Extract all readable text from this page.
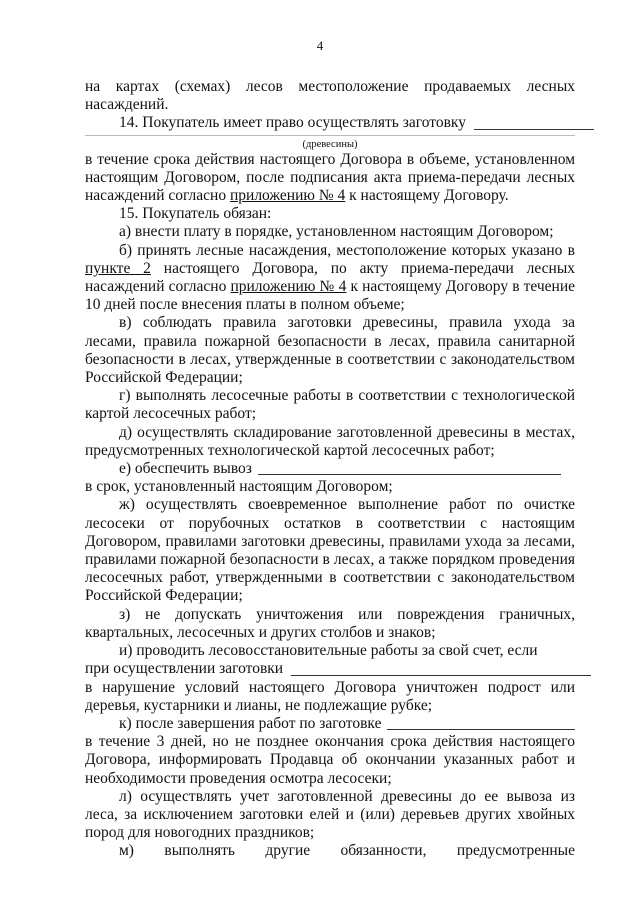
4

на картах (схемах) лесов местоположение продаваемых лесных насаждений.

14. Покупатель имеет право осуществлять заготовку
(древесины)

в течение срока действия настоящего Договора в объеме, установленном настоящим Договором, после подписания акта приема-передачи лесных насаждений согласно приложению № 4 к настоящему Договору.

15. Покупатель обязан:

а) внести плату в порядке, установленном настоящим Договором;

б) принять лесные насаждения, местоположение которых указано в пункте 2 настоящего Договора, по акту приема-передачи лесных насаждений согласно приложению № 4 к настоящему Договору в течение 10 дней после внесения платы в полном объеме;

в) соблюдать правила заготовки древесины, правила ухода за лесами, правила пожарной безопасности в лесах, правила санитарной безопасности в лесах, утвержденные в соответствии с законодательством Российской Федерации;

г) выполнять лесосечные работы в соответствии с технологической картой лесосечных работ;

д) осуществлять складирование заготовленной древесины в местах, предусмотренных технологической картой лесосечных работ;

е) обеспечить вывоз

в срок, установленный настоящим Договором;

ж) осуществлять своевременное выполнение работ по очистке лесосеки от порубочных остатков в соответствии с настоящим Договором, правилами заготовки древесины, правилами ухода за лесами, правилами пожарной безопасности в лесах, а также порядком проведения лесосечных работ, утвержденными в соответствии с законодательством Российской Федерации;

з) не допускать уничтожения или повреждения граничных, квартальных, лесосечных и других столбов и знаков;

и) проводить лесовосстановительные работы за свой счет, если

при осуществлении заготовки

в нарушение условий настоящего Договора уничтожен подрост или деревья, кустарники и лианы, не подлежащие рубке;

к) после завершения работ по заготовке

в течение 3 дней, но не позднее окончания срока действия настоящего Договора, информировать Продавца об окончании указанных работ и необходимости проведения осмотра лесосеки;

л) осуществлять учет заготовленной древесины до ее вывоза из леса, за исключением заготовки елей и (или) деревьев других хвойных пород для новогодних праздников;

м) выполнять другие обязанности, предусмотренные
